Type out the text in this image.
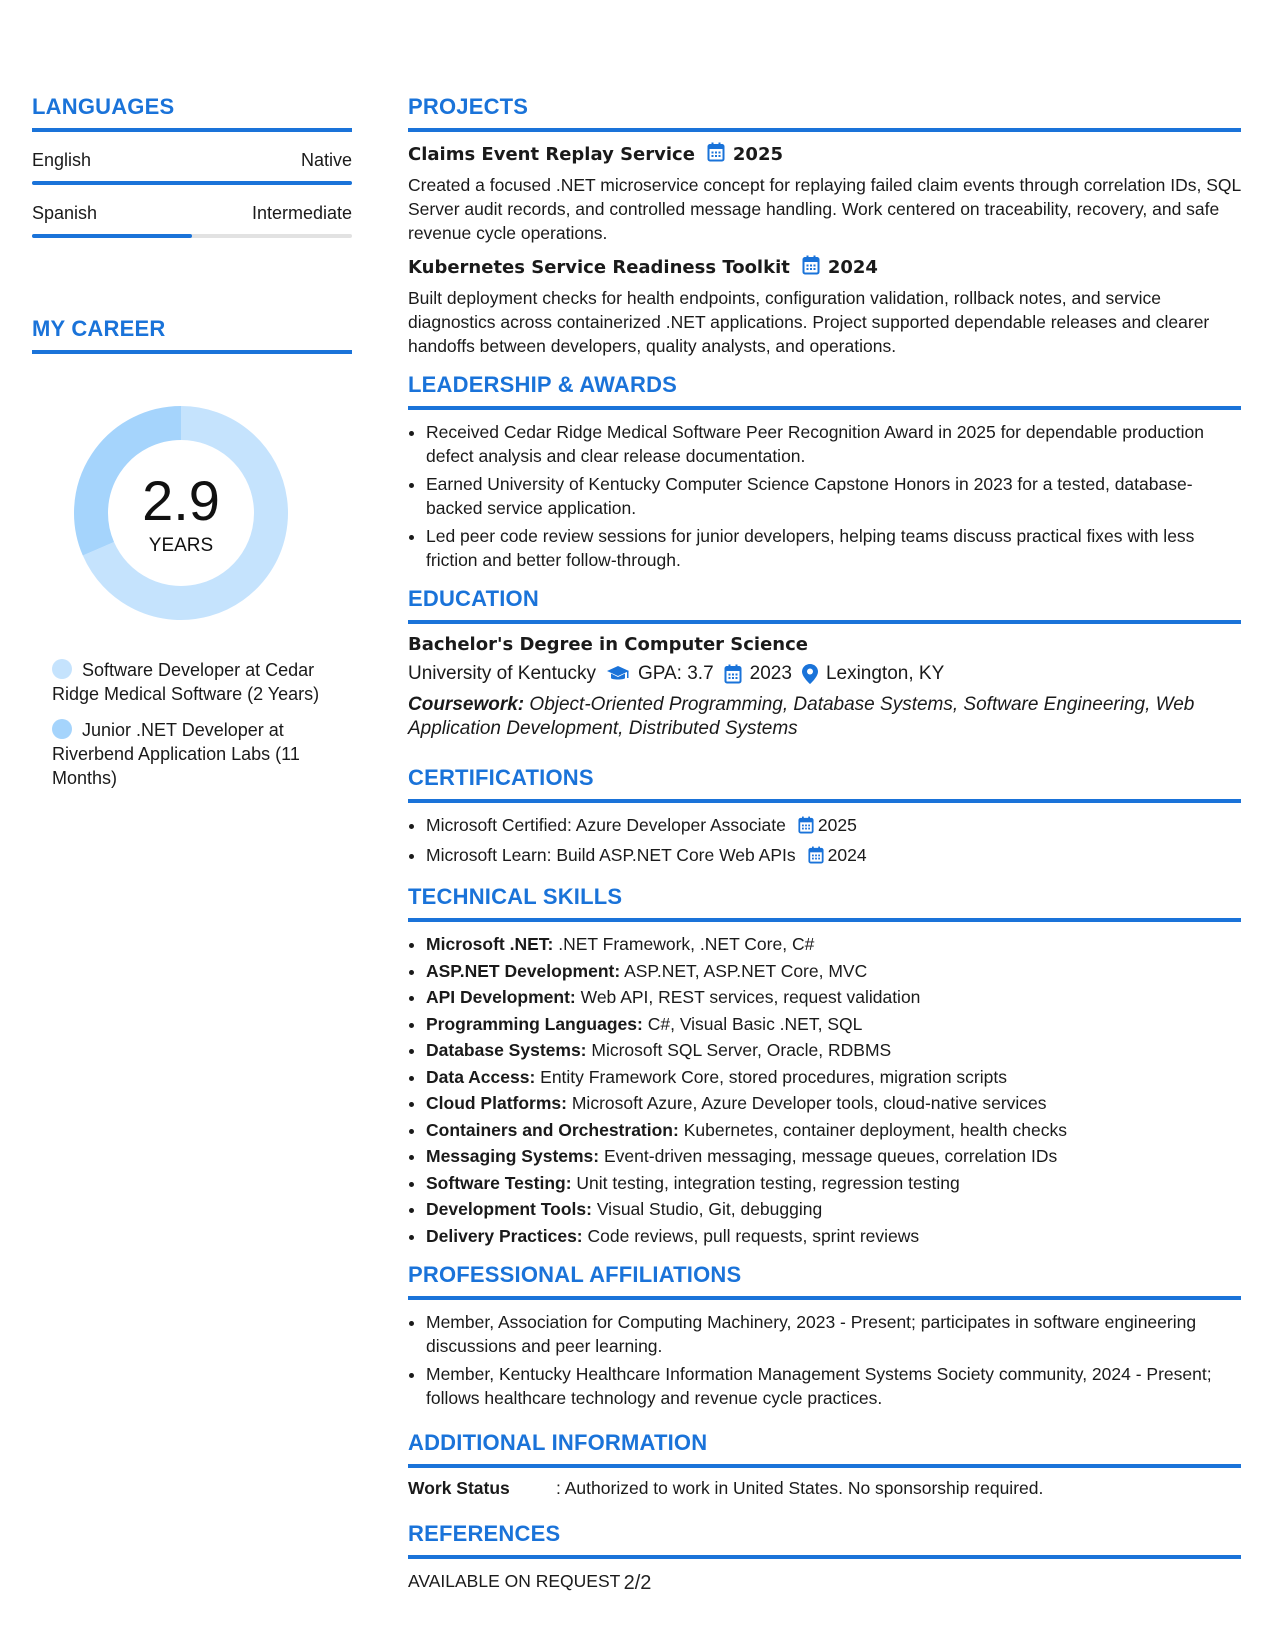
LANGUAGES
English	Native
Spanish	Intermediate
MY CAREER
2.9
YEARS
Software Developer at Cedar Ridge Medical Software (2 Years)
Junior .NET Developer at Riverbend Application Labs (11 Months)
PROJECTS
Claims Event Replay Service 2025
Created a focused .NET microservice concept for replaying failed claim events through correlation IDs, SQL Server audit records, and controlled message handling. Work centered on traceability, recovery, and safe revenue cycle operations.
Kubernetes Service Readiness Toolkit 2024
Built deployment checks for health endpoints, configuration validation, rollback notes, and service diagnostics across containerized .NET applications. Project supported dependable releases and clearer handoffs between developers, quality analysts, and operations.
LEADERSHIP & AWARDS
• Received Cedar Ridge Medical Software Peer Recognition Award in 2025 for dependable production defect analysis and clear release documentation.
• Earned University of Kentucky Computer Science Capstone Honors in 2023 for a tested, database-backed service application.
• Led peer code review sessions for junior developers, helping teams discuss practical fixes with less friction and better follow-through.
EDUCATION
Bachelor's Degree in Computer Science
University of Kentucky GPA: 3.7 2023 Lexington, KY
Coursework: Object-Oriented Programming, Database Systems, Software Engineering, Web Application Development, Distributed Systems
CERTIFICATIONS
• Microsoft Certified: Azure Developer Associate 2025
• Microsoft Learn: Build ASP.NET Core Web APIs 2024
TECHNICAL SKILLS
• Microsoft .NET: .NET Framework, .NET Core, C#
• ASP.NET Development: ASP.NET, ASP.NET Core, MVC
• API Development: Web API, REST services, request validation
• Programming Languages: C#, Visual Basic .NET, SQL
• Database Systems: Microsoft SQL Server, Oracle, RDBMS
• Data Access: Entity Framework Core, stored procedures, migration scripts
• Cloud Platforms: Microsoft Azure, Azure Developer tools, cloud-native services
• Containers and Orchestration: Kubernetes, container deployment, health checks
• Messaging Systems: Event-driven messaging, message queues, correlation IDs
• Software Testing: Unit testing, integration testing, regression testing
• Development Tools: Visual Studio, Git, debugging
• Delivery Practices: Code reviews, pull requests, sprint reviews
PROFESSIONAL AFFILIATIONS
• Member, Association for Computing Machinery, 2023 - Present; participates in software engineering discussions and peer learning.
• Member, Kentucky Healthcare Information Management Systems Society community, 2024 - Present; follows healthcare technology and revenue cycle practices.
ADDITIONAL INFORMATION
Work Status	: Authorized to work in United States. No sponsorship required.
REFERENCES
AVAILABLE ON REQUEST 2/2
